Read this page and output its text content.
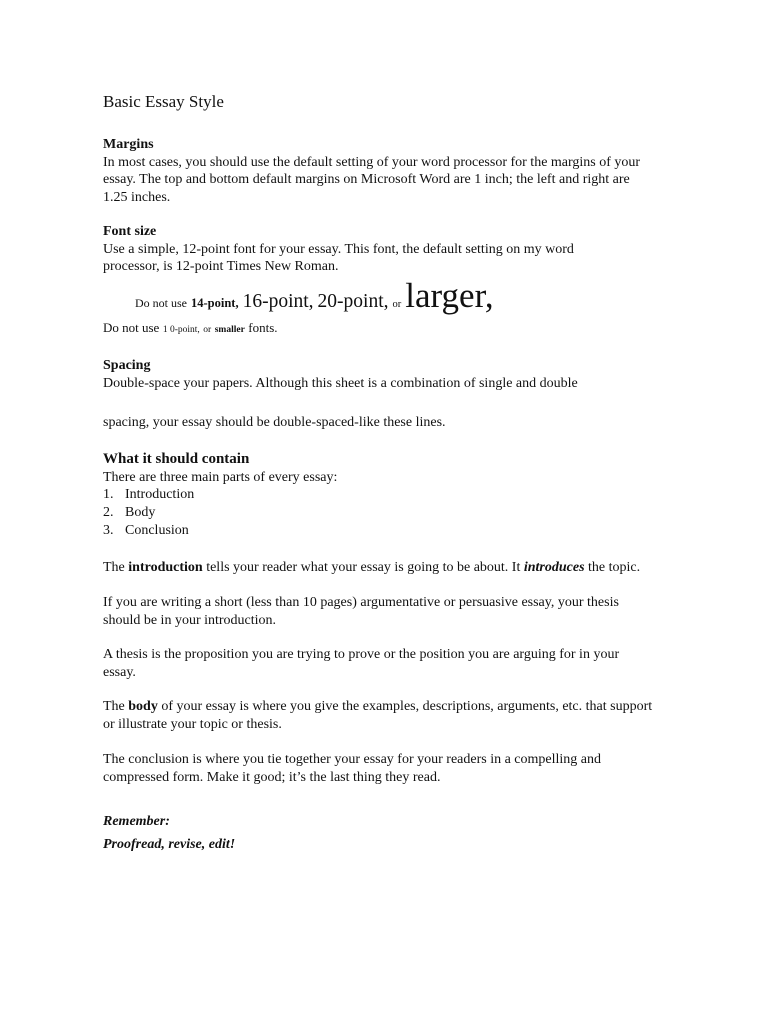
Basic Essay Style
Margins
In most cases, you should use the default setting of your word processor for the margins of your
essay. The top and bottom default margins on Microsoft Word are 1 inch; the left and right are
1.25 inches.
Font size
Use a simple, 12-point font for your essay. This font, the default setting on my word
processor, is 12-point Times New Roman.
Do not use 14-point, 16-point, 20-point, or larger,
Do not use 1 0-point, or smaller fonts.
Spacing
Double-space your papers. Although this sheet is a combination of single and double
spacing, your essay should be double-spaced-like these lines.
What it should contain
There are three main parts of every essay:
1. Introduction
2. Body
3. Conclusion
The introduction tells your reader what your essay is going to be about. It introduces the topic.
If you are writing a short (less than 10 pages) argumentative or persuasive essay, your thesis
should be in your introduction.
A thesis is the proposition you are trying to prove or the position you are arguing for in your
essay.
The body of your essay is where you give the examples, descriptions, arguments, etc. that support
or illustrate your topic or thesis.
The conclusion is where you tie together your essay for your readers in a compelling and
compressed form. Make it good; it’s the last thing they read.
Remember:
Proofread, revise, edit!
